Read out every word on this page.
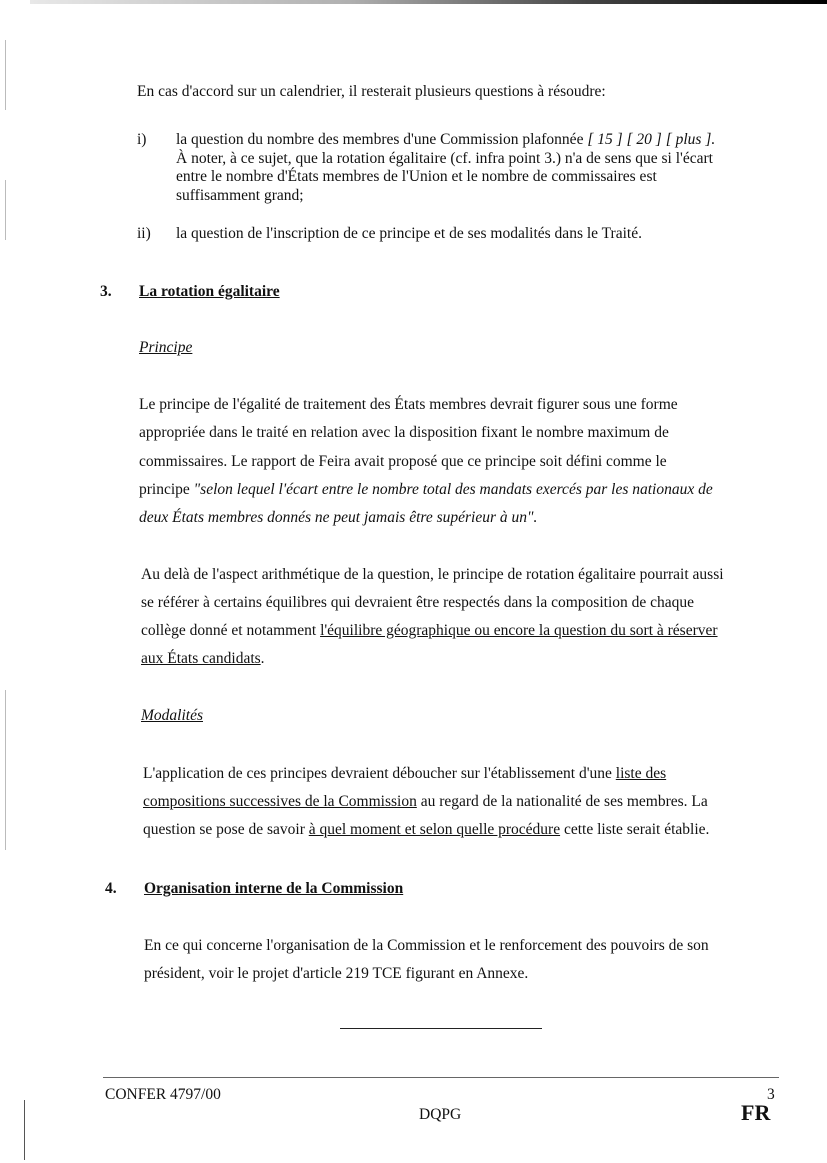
En cas d'accord sur un calendrier, il resterait plusieurs questions à résoudre:
i) la question du nombre des membres d'une Commission plafonnée [ 15 ] [ 20 ] [ plus ].
À noter, à ce sujet, que la rotation égalitaire (cf. infra point 3.) n'a de sens que si l'écart
entre le nombre d'États membres de l'Union et le nombre de commissaires est
suffisamment grand;
ii) la question de l'inscription de ce principe et de ses modalités dans le Traité.
3. La rotation égalitaire
Principe
Le principe de l'égalité de traitement des États membres devrait figurer sous une forme
appropriée dans le traité en relation avec la disposition fixant le nombre maximum de
commissaires. Le rapport de Feira avait proposé que ce principe soit défini comme le
principe "selon lequel l'écart entre le nombre total des mandats exercés par les nationaux de
deux États membres donnés ne peut jamais être supérieur à un".
Au delà de l'aspect arithmétique de la question, le principe de rotation égalitaire pourrait aussi
se référer à certains équilibres qui devraient être respectés dans la composition de chaque
collège donné et notamment l'équilibre géographique ou encore la question du sort à réserver
aux États candidats.
Modalités
L'application de ces principes devraient déboucher sur l'établissement d'une liste des
compositions successives de la Commission au regard de la nationalité de ses membres. La
question se pose de savoir à quel moment et selon quelle procédure cette liste serait établie.
4. Organisation interne de la Commission
En ce qui concerne l'organisation de la Commission et le renforcement des pouvoirs de son
président, voir le projet d'article 219 TCE figurant en Annexe.
CONFER 4797/00	3
DQPG	FR
